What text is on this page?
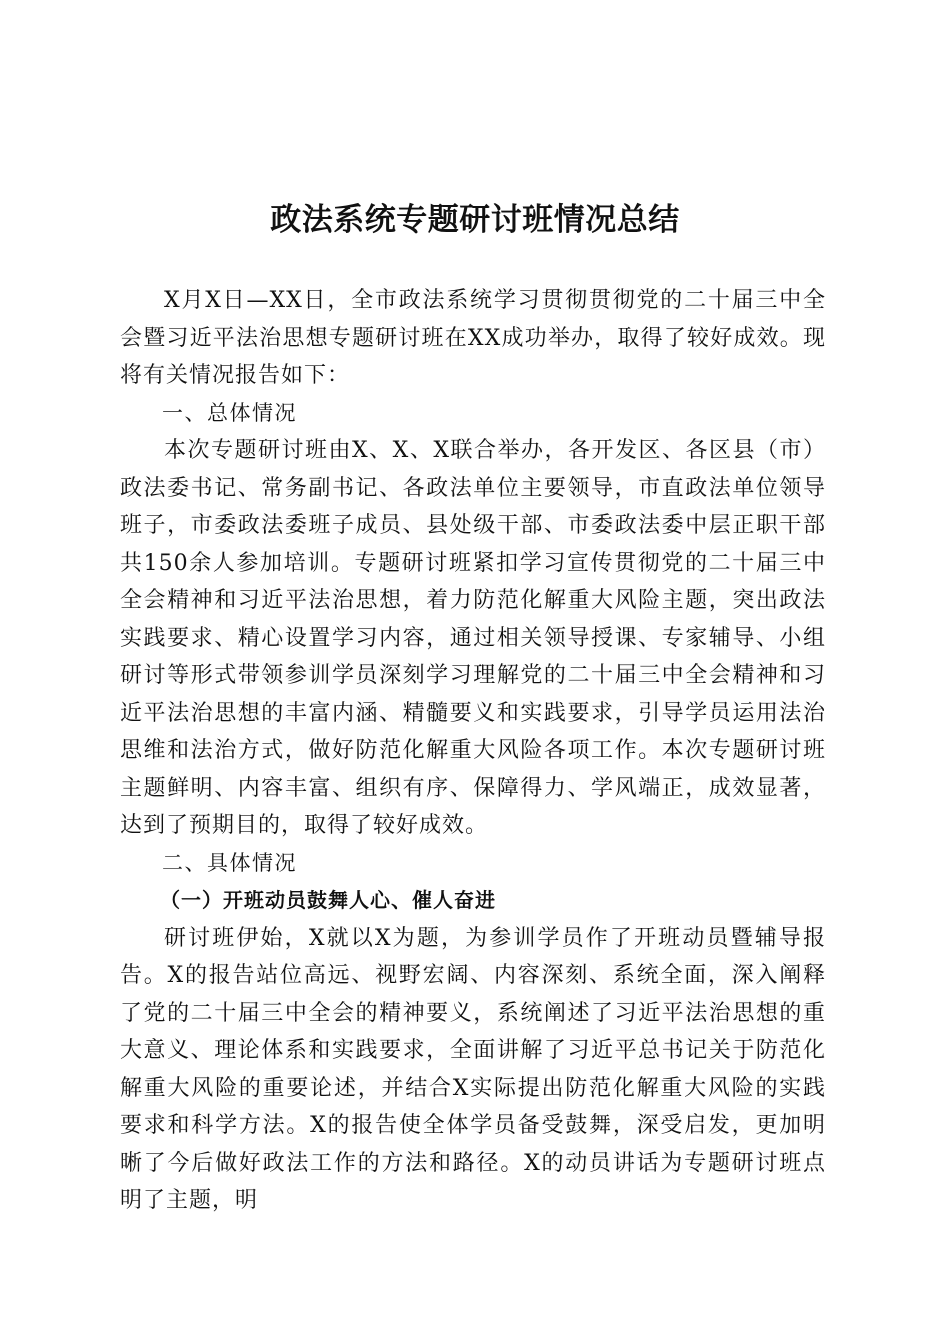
政法系统专题研讨班情况总结

X月X日—XX日，全市政法系统学习贯彻贯彻党的二十届三中全会暨习近平法治思想专题研讨班在XX成功举办，取得了较好成效。现将有关情况报告如下：

一、总体情况

本次专题研讨班由X、X、X联合举办，各开发区、各区县（市）政法委书记、常务副书记、各政法单位主要领导，市直政法单位领导班子，市委政法委班子成员、县处级干部、市委政法委中层正职干部共150余人参加培训。专题研讨班紧扣学习宣传贯彻党的二十届三中全会精神和习近平法治思想，着力防范化解重大风险主题，突出政法实践要求、精心设置学习内容，通过相关领导授课、专家辅导、小组研讨等形式带领参训学员深刻学习理解党的二十届三中全会精神和习近平法治思想的丰富内涵、精髓要义和实践要求，引导学员运用法治思维和法治方式，做好防范化解重大风险各项工作。本次专题研讨班主题鲜明、内容丰富、组织有序、保障得力、学风端正，成效显著，达到了预期目的，取得了较好成效。

二、具体情况

（一）开班动员鼓舞人心、催人奋进

研讨班伊始，X就以X为题，为参训学员作了开班动员暨辅导报告。X的报告站位高远、视野宏阔、内容深刻、系统全面，深入阐释了党的二十届三中全会的精神要义，系统阐述了习近平法治思想的重大意义、理论体系和实践要求，全面讲解了习近平总书记关于防范化解重大风险的重要论述，并结合X实际提出防范化解重大风险的实践要求和科学方法。X的报告使全体学员备受鼓舞，深受启发，更加明晰了今后做好政法工作的方法和路径。X的动员讲话为专题研讨班点明了主题，明
